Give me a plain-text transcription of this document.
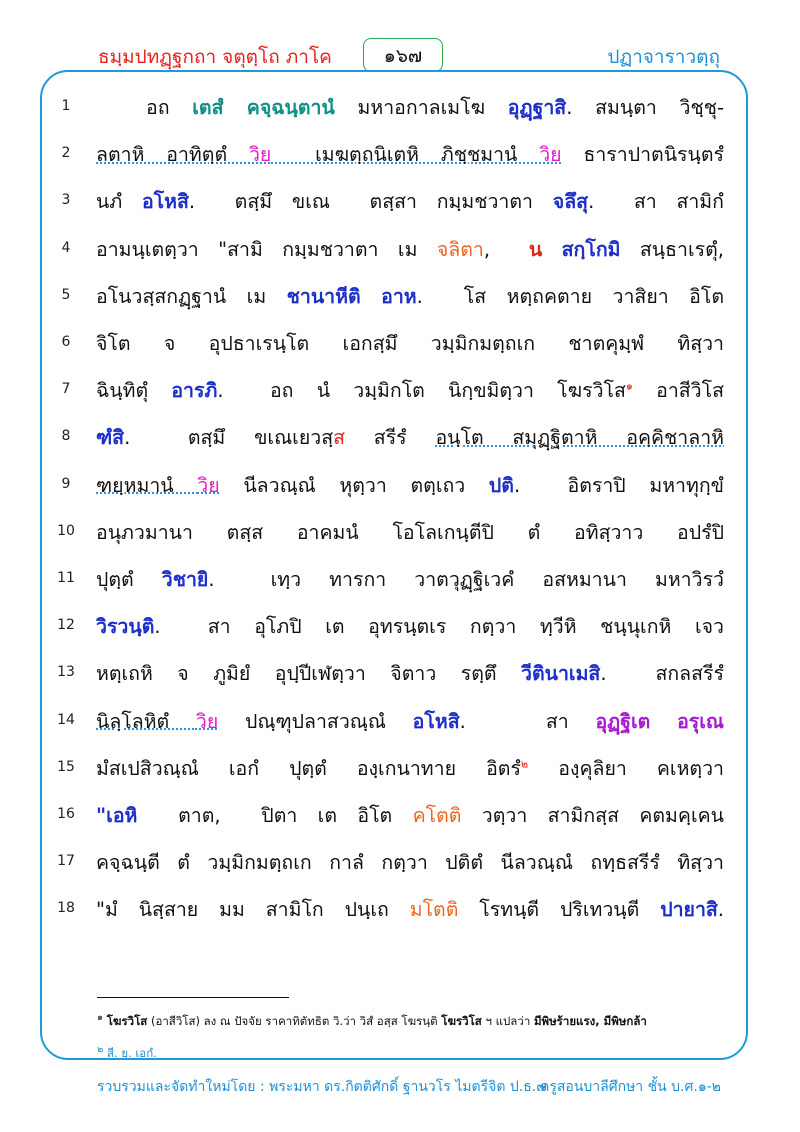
ธมฺมปทฏฺฐกถา จตุตฺโถ ภาโค	๑๖๗	ปฏาจาราวตฺถุ
1	อถ เตสํ คจฺฉนฺตานํ มหาอกาลเมโฆ อุฏฺฐาสิ. สมนฺตา วิชฺชุ-
2	ลตาหิ อาทิตฺตํ วิย  เมฆตฺถนิเตหิ ภิชฺชมานํ วิย ธาราปาตนิรนฺตรํ
3	นภํ อโหสิ.  ตสฺมึ ขเณ  ตสฺสา กมฺมชวาตา จลึสุ.  สา สามิกํ
4	อามนฺเตตฺวา "สามิ กมฺมชวาตา เม จลิตา,  น สกฺโกมิ สนฺธาเรตุํ,
5	อโนวสฺสกฏฺฐานํ เม ชานาหีติ อาห.  โส หตฺถคตาย วาสิยา อิโต
6	จิโต จ อุปธาเรนฺโต เอกสฺมึ วมฺมิกมตฺถเก ชาตคุมฺพํ ทิสฺวา
7	ฉินฺทิตุํ อารภิ.  อถ นํ วมฺมิกโต นิกฺขมิตฺวา โฆรวิโส$^๑$ อาสีวิโส
8	ฑํสิ.  ตสฺมึ ขเณเยวสฺส สรีรํ อนฺโต สมุฏฺฐิตาหิ อคฺคิชาลาหิ
9	ฑยฺหมานํ วิย นีลวณฺณํ หุตฺวา ตตฺเถว ปติ.  อิตราปิ มหาทุกฺขํ
10	อนุภวมานา ตสฺส อาคมนํ โอโลเกนฺตีปิ ตํ อทิสฺวาว อปรํปิ
11	ปุตฺตํ วิชายิ.  เทฺว ทารกา วาตวุฏฺฐิเวคํ อสหมานา มหาวิรวํ
12	วิรวนฺติ.  สา อุโภปิ เต อุทรนฺตเร กตฺวา ทฺวีหิ ชนฺนุเกหิ เจว
13	หตฺเถหิ จ ภูมิยํ อุปฺปีเฬตฺวา จิตาว รตฺตึ วีตินาเมสิ.  สกลสรีรํ
14	นิลฺโลหิตํ วิย ปณฺฑุปลาสวณฺณํ อโหสิ.   สา อุฏฺฐิเต อรุเณ
15	มํสเปสิวณฺณํ เอกํ ปุตฺตํ องฺเกนาทาย อิตรํ$^๒$ องฺคุลิยา คเหตฺวา
16	"เอหิ  ตาต,  ปิตา เต อิโต คโตติ วตฺวา สามิกสฺส คตมคฺเคน
17	คจฺฉนฺตี ตํ วมฺมิกมตฺถเก กาลํ กตฺวา ปติตํ นีลวณฺณํ ถทฺธสรีรํ ทิสฺวา
18	"มํ นิสฺสาย มม สามิโก ปนฺเถ มโตติ โรทนฺตี ปริเทวนฺตี ปายาสิ.
$^๑$ โฆรวิโส (อาสีวิโส) ลง ณ ปัจจัย ราคาทิตัทธิต วิ.ว่า วิสํ อสฺส โฆรนฺติ โฆรวิโส ฯ แปลว่า มีพิษร้ายแรง, มีพิษกล้า
$^๒$ สี. ยุ. เอกํ.
รวบรวมและจัดทำใหม่โดย : พระมหา ดร.กิตติศักดิ์ ฐานวโร ไมตรีจิต ป.ธ.๗
ครูสอนบาลีศึกษา ชั้น บ.ศ.๑-๒
